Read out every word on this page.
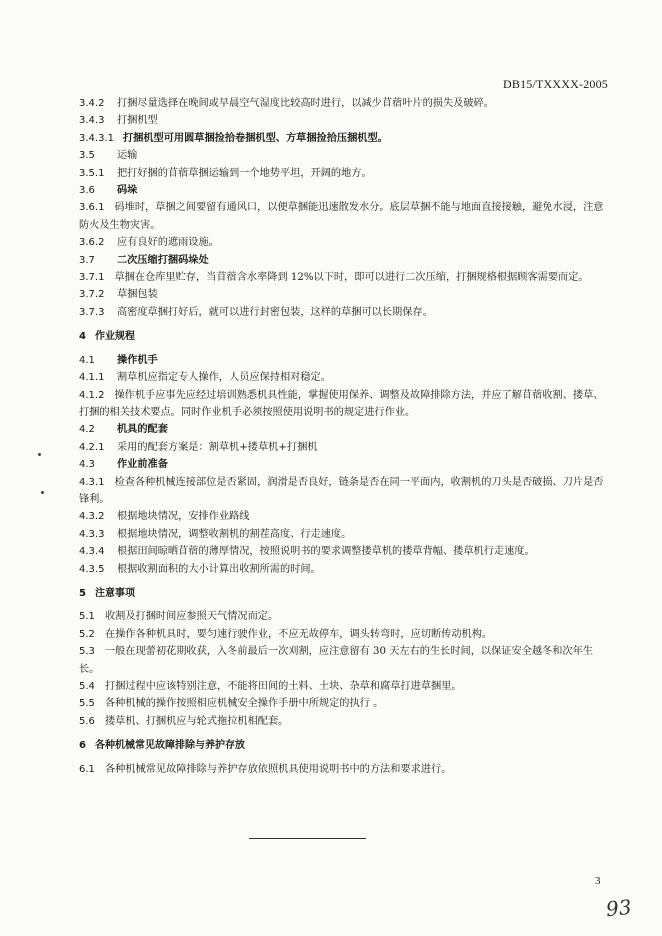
DB15/TXXXX-2005
3.4.2	打捆尽量选择在晚间或早晨空气湿度比较高时进行，以减少苜蓿叶片的损失及破碎。
3.4.3	打捆机型
3.4.3.1 打捆机型可用圆草捆捡拾卷捆机型、方草捆捡拾压捆机型。
3.5	运输
3.5.1	把打好捆的苜蓿草捆运输到一个地势平坦，开阔的地方。
3.6	码垛
3.6.1 码堆时，草捆之间要留有通风口，以便草捆能迅速散发水分。底层草捆不能与地面直接接触，避免水浸，注意防火及生物灾害。
3.6.2	应有良好的遮雨设施。
3.7	二次压缩打捆码垛处
3.7.1 草捆在仓库里贮存，当苜蓿含水率降到 12%以下时，即可以进行二次压缩，打捆规格根据顾客需要而定。
3.7.2	草捆包装
3.7.3	高密度草捆打好后，就可以进行封密包装，这样的草捆可以长期保存。
4 作业规程
4.1	操作机手
4.1.1	割草机应指定专人操作，人员应保持相对稳定。
4.1.2 操作机手应事先应经过培训熟悉机具性能，掌握使用保养、调整及故障排除方法，并应了解苜蓿收割、搂草、打捆的相关技术要点。同时作业机手必须按照使用说明书的规定进行作业。
4.2	机具的配套
4.2.1	采用的配套方案是：割草机+搂草机+打捆机
4.3	作业前准备
4.3.1 检查各种机械连接部位是否紧固，润滑是否良好，链条是否在同一平面内，收割机的刀头是否破损、刀片是否锋利。
4.3.2	根据地块情况，安排作业路线
4.3.3	根据地块情况，调整收割机的割茬高度、行走速度。
4.3.4	根据田间晾晒苜蓿的薄厚情况，按照说明书的要求调整搂草机的搂草背幅、搂草机行走速度。
4.3.5	根据收割面积的大小计算出收割所需的时间。
5 注意事项
5.1 收割及打捆时间应参照天气情况而定。
5.2 在操作各种机具时，要匀速行驶作业，不应无故停车，调头转弯时，应切断传动机构。
5.3 一般在现蕾初花期收获，入冬前最后一次刈割，应注意留有 30 天左右的生长时间，以保证安全越冬和次年生长。
5.4 打捆过程中应该特别注意，不能将田间的土料、土块、杂草和腐草打进草捆里。
5.5 各种机械的操作按照相应机械安全操作手册中所规定的执行 。
5.6 搂草机、打捆机应与轮式拖拉机相配套。
6 各种机械常见故障排除与养护存放
6.1 各种机械常见故障排除与养护存放依照机具使用说明书中的方法和要求进行。
3
93
